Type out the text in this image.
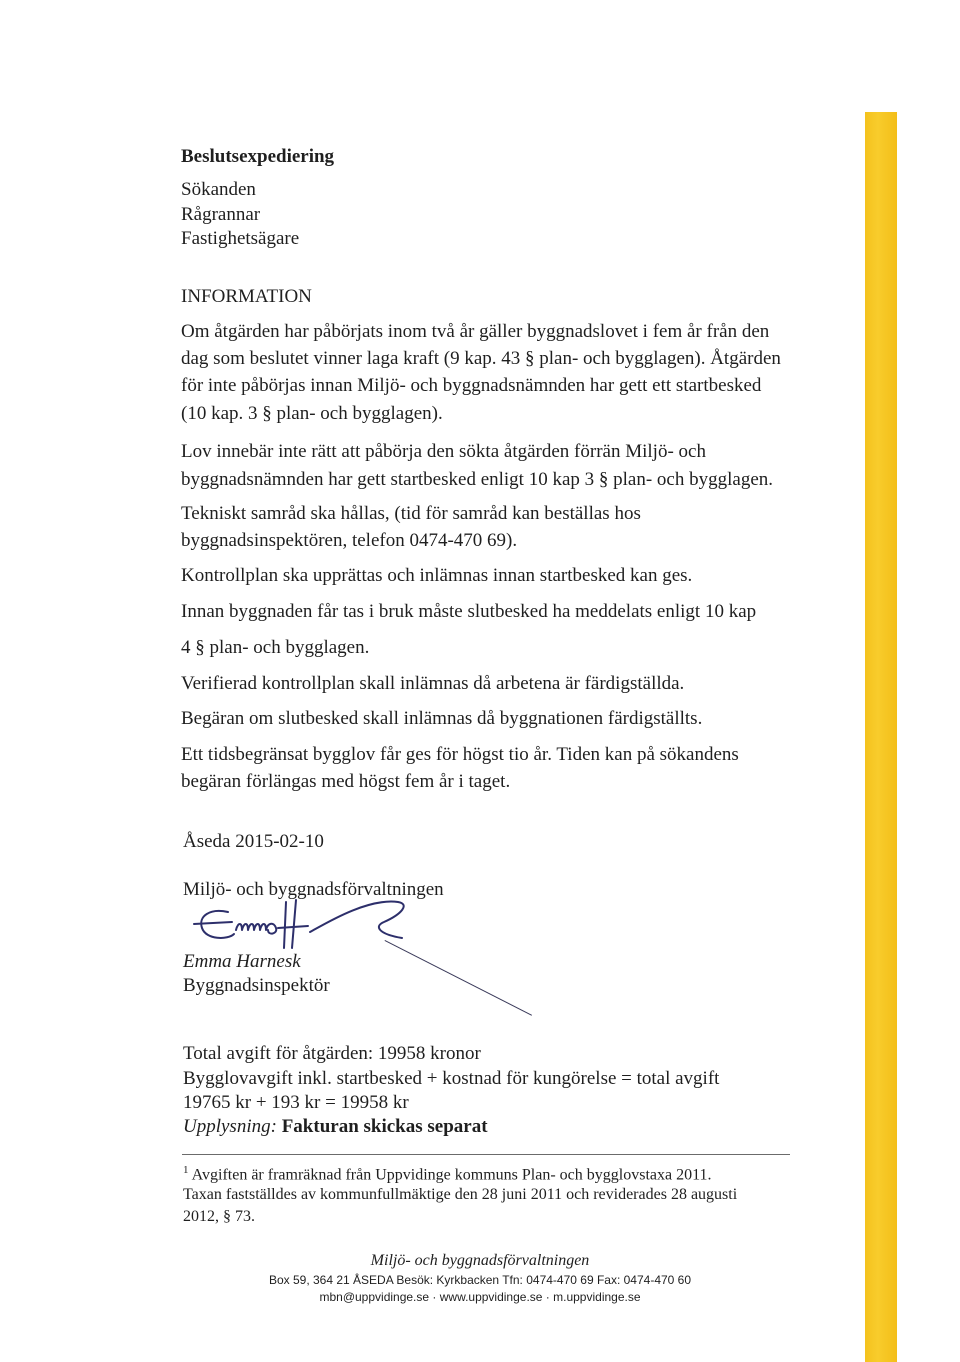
Beslutsexpediering
Sökanden
Rågrannar
Fastighetsägare
INFORMATION
Om åtgärden har påbörjats inom två år gäller byggnadslovet i fem år från den
dag som beslutet vinner laga kraft (9 kap. 43 § plan- och bygglagen). Åtgärden
för inte påbörjas innan Miljö- och byggnadsnämnden har gett ett startbesked
(10 kap. 3 § plan- och bygglagen).
Lov innebär inte rätt att påbörja den sökta åtgärden förrän Miljö- och
byggnadsnämnden har gett startbesked enligt 10 kap 3 § plan- och bygglagen.
Tekniskt samråd ska hållas, (tid för samråd kan beställas hos
byggnadsinspektören, telefon 0474-470 69).
Kontrollplan ska upprättas och inlämnas innan startbesked kan ges.
Innan byggnaden får tas i bruk måste slutbesked ha meddelats enligt 10 kap
4 § plan- och bygglagen.
Verifierad kontrollplan skall inlämnas då arbetena är färdigställda.
Begäran om slutbesked skall inlämnas då byggnationen färdigställts.
Ett tidsbegränsat bygglov får ges för högst tio år. Tiden kan på sökandens
begäran förlängas med högst fem år i taget.
Åseda 2015-02-10
Miljö- och byggnadsförvaltningen
Emma Harnesk
Byggnadsinspektör
Total avgift för åtgärden: 19958 kronor
Bygglovavgift inkl. startbesked + kostnad för kungörelse = total avgift
19765 kr + 193 kr = 19958 kr
Upplysning: Fakturan skickas separat
$^1$ Avgiften är framräknad från Uppvidinge kommuns Plan- och bygglovstaxa 2011.
Taxan fastställdes av kommunfullmäktige den 28 juni 2011 och reviderades 28 augusti
2012, § 73.
Miljö- och byggnadsförvaltningen
Box 59, 364 21 ÅSEDA Besök: Kyrkbacken Tfn: 0474-470 69 Fax: 0474-470 60
mbn@uppvidinge.se · www.uppvidinge.se · m.uppvidinge.se
